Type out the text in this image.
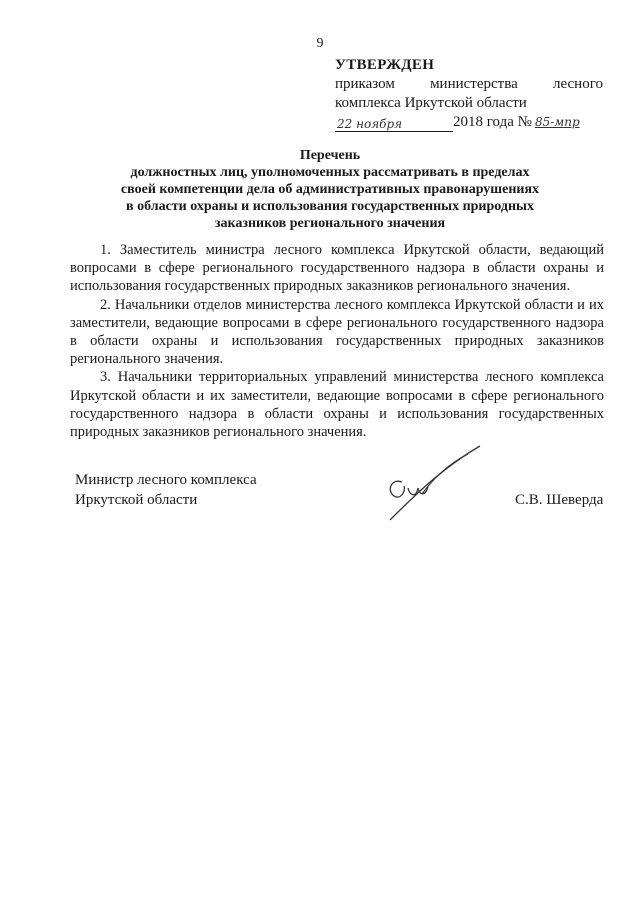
9
УТВЕРЖДЕН
приказом министерства лесного
комплекса Иркутской области
22 ноября	2018 года № 85-мпр
Перечень
должностных лиц, уполномоченных рассматривать в пределах
своей компетенции дела об административных правонарушениях
в области охраны и использования государственных природных
заказников регионального значения

1. Заместитель министра лесного комплекса Иркутской области, ведающий вопросами в сфере регионального государственного надзора в области охраны и использования государственных природных заказников регионального значения.

2. Начальники отделов министерства лесного комплекса Иркутской области и их заместители, ведающие вопросами в сфере регионального государственного надзора в области охраны и использования государственных природных заказников регионального значения.

3. Начальники территориальных управлений министерства лесного комплекса Иркутской области и их заместители, ведающие вопросами в сфере регионального государственного надзора в области охраны и использования государственных природных заказников регионального значения.

Министр лесного комплекса
Иркутской области	С.В. Шеверда
